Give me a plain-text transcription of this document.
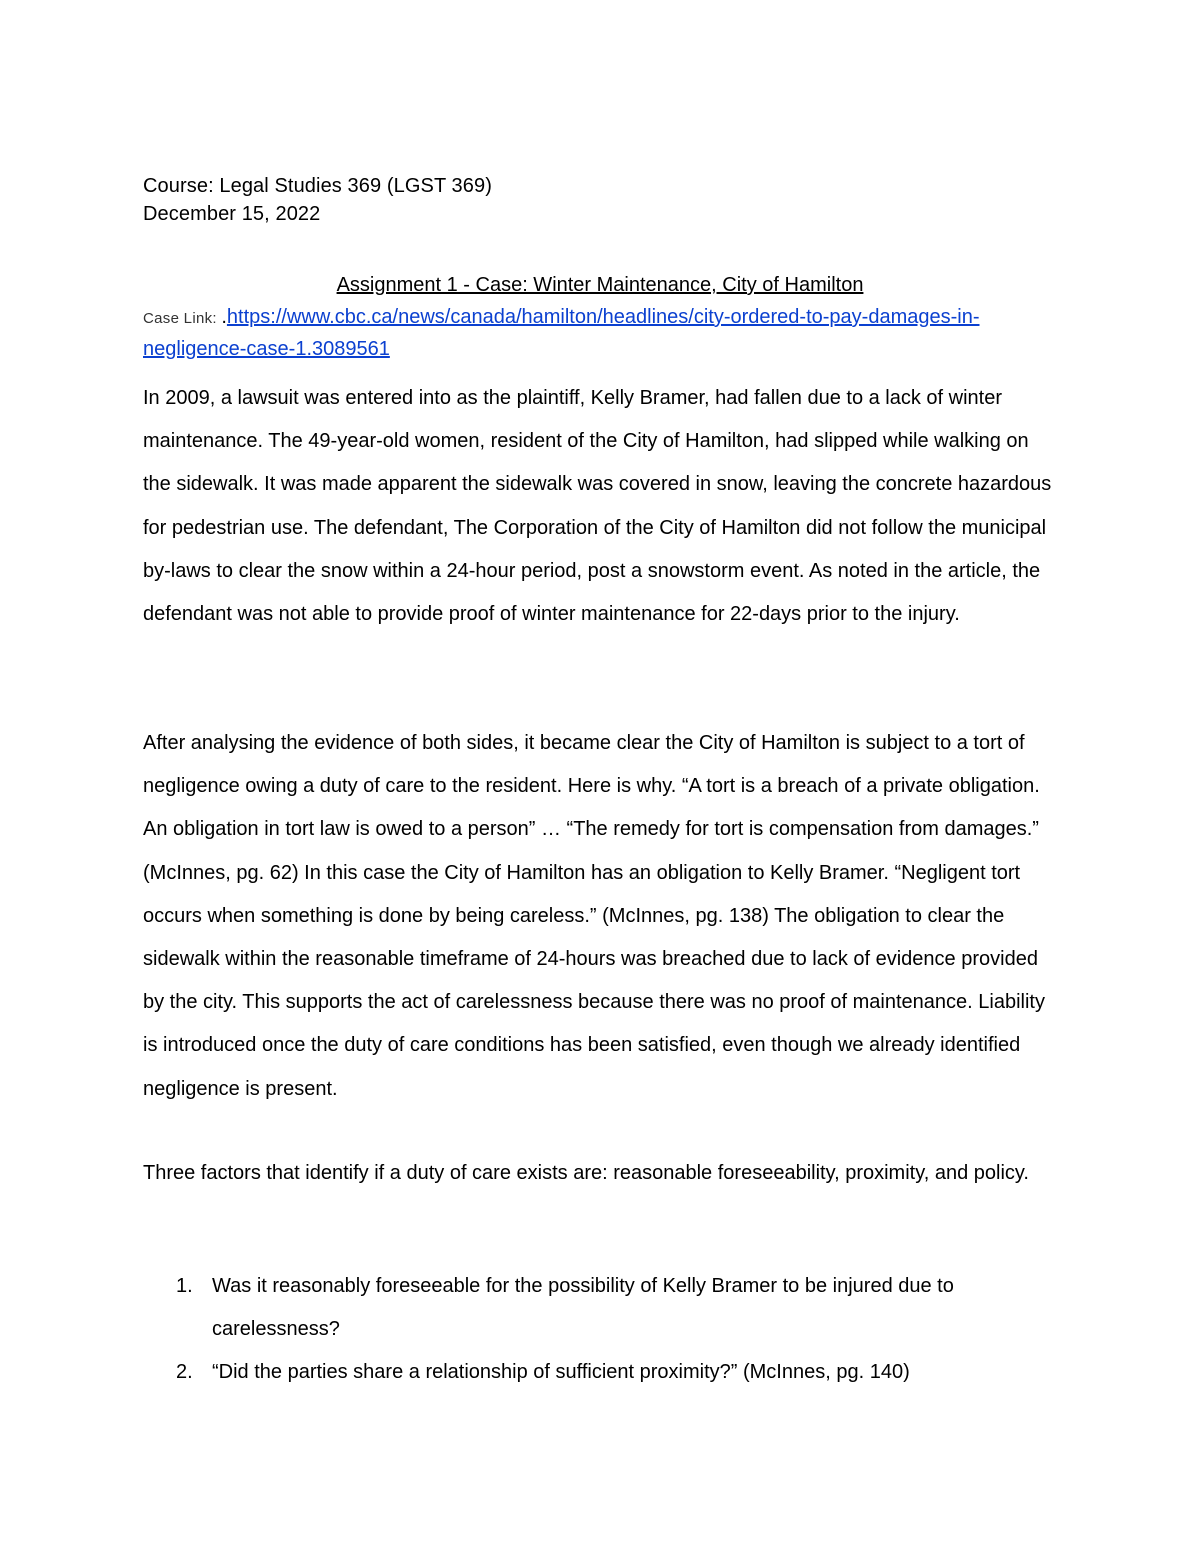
Course: Legal Studies 369 (LGST 369)
December 15, 2022
Assignment 1 - Case: Winter Maintenance, City of Hamilton
Case Link: .https://www.cbc.ca/news/canada/hamilton/headlines/city-ordered-to-pay-damages-in-negligence-case-1.3089561

In 2009, a lawsuit was entered into as the plaintiff, Kelly Bramer, had fallen due to a lack of winter maintenance. The 49-year-old women, resident of the City of Hamilton, had slipped while walking on the sidewalk. It was made apparent the sidewalk was covered in snow, leaving the concrete hazardous for pedestrian use. The defendant, The Corporation of the City of Hamilton did not follow the municipal by-laws to clear the snow within a 24-hour period, post a snowstorm event. As noted in the article, the defendant was not able to provide proof of winter maintenance for 22-days prior to the injury.

After analysing the evidence of both sides, it became clear the City of Hamilton is subject to a tort of negligence owing a duty of care to the resident. Here is why. “A tort is a breach of a private obligation. An obligation in tort law is owed to a person” … “The remedy for tort is compensation from damages.” (McInnes, pg. 62) In this case the City of Hamilton has an obligation to Kelly Bramer. “Negligent tort occurs when something is done by being careless.” (McInnes, pg. 138) The obligation to clear the sidewalk within the reasonable timeframe of 24-hours was breached due to lack of evidence provided by the city. This supports the act of carelessness because there was no proof of maintenance. Liability is introduced once the duty of care conditions has been satisfied, even though we already identified negligence is present.

Three factors that identify if a duty of care exists are: reasonable foreseeability, proximity, and policy.

1. Was it reasonably foreseeable for the possibility of Kelly Bramer to be injured due to carelessness?
2. “Did the parties share a relationship of sufficient proximity?” (McInnes, pg. 140)
